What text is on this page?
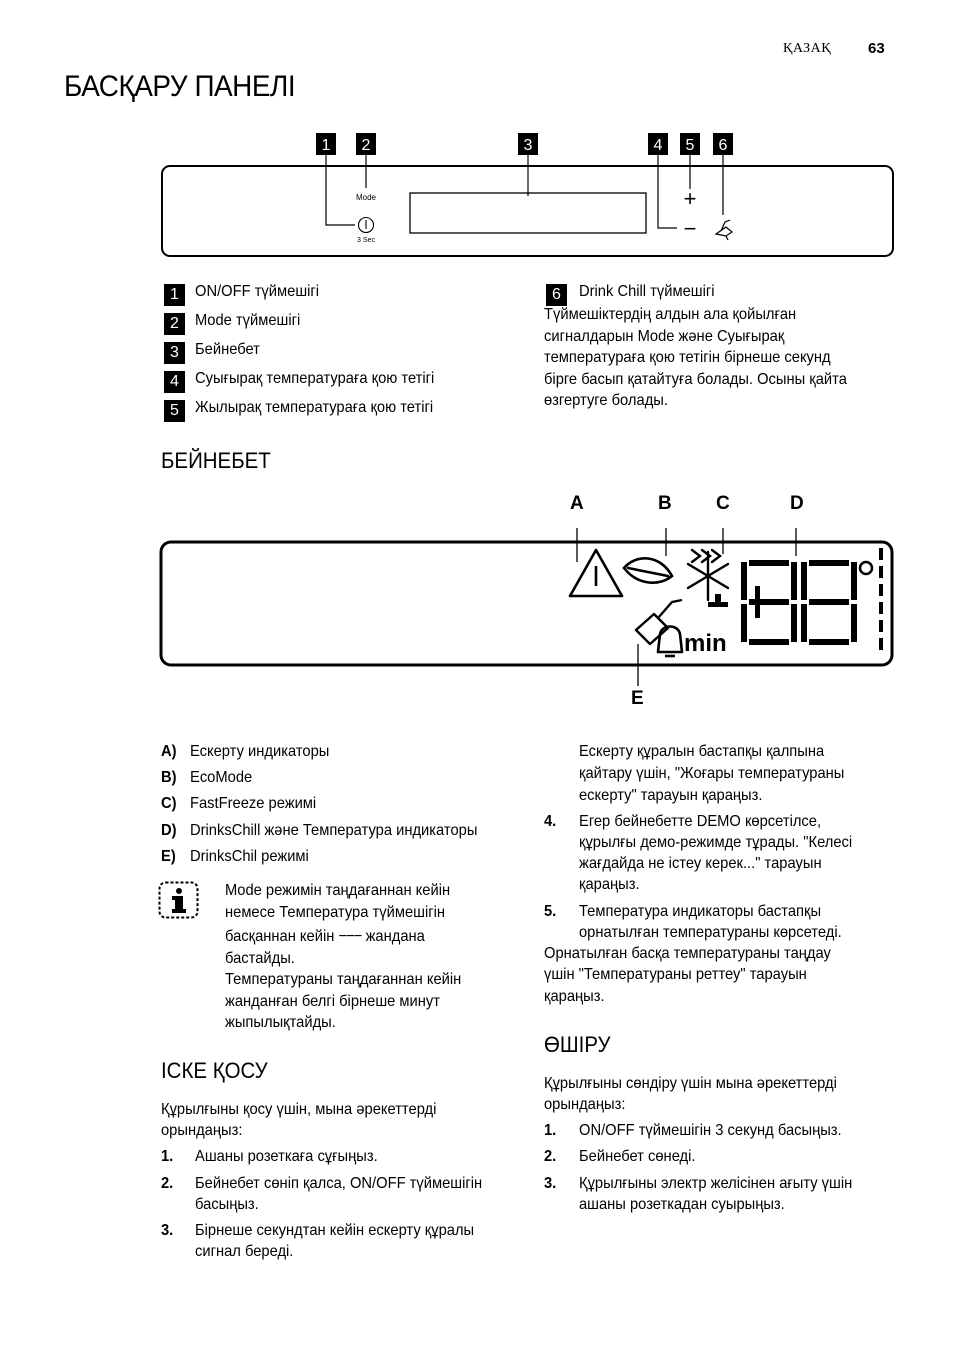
ҚАЗАҚ 63
БАСҚАРУ ПАНЕЛІ
1 2	3	4 5 6
Mode
3 Sec
+
−
1	ON/OFF түймешігі
2	Mode түймешігі
3	Бейнебет
4	Суығырақ температураға қою тетігі
5	Жылырақ температураға қою тетігі
6	Drink Chill түймешігі
Түймешіктердің алдын ала қойылған
сигналдарын Mode және Суығырақ
температураға қою тетігін бірнеше секунд
бірге басып қатайтуға болады. Осыны қайта
өзгертуге болады.
БЕЙНЕБЕТ
A	B C	D
E
min
A) Ескерту индикаторы
B) EcoMode
C) FastFreeze режимі
D) DrinksChill және Температура индикаторы
E) DrinksChil режимі
Mode режимін таңдағаннан кейін
немесе Температура түймешігін
басқаннан кейін −−− жандана
бастайды.
Температураны таңдағаннан кейін
жанданған белгі бірнеше минут
жыпылықтайды.
ІСКЕ ҚОСУ
Құрылғыны қосу үшін, мына әрекеттерді
орындаңыз:
1. Ашаны розеткаға сұғыңыз.
2. Бейнебет сөніп қалса, ON/OFF түймешігін
басыңыз.
3. Бірнеше секундтан кейін ескерту құралы
сигнал береді.
Ескерту құралын бастапқы қалпына
қайтару үшін, "Жоғары температураны
ескерту" тарауын қараңыз.
4. Егер бейнебетте DEMO көрсетілсе,
құрылғы демо-режимде тұрады. "Келесі
жағдайда не істеу керек..." тарауын
қараңыз.
5. Температура индикаторы бастапқы
орнатылған температураны көрсетеді.
Орнатылған басқа температураны таңдау
үшін "Температураны реттеу" тарауын
қараңыз.
ӨШІРУ
Құрылғыны сөндіру үшін мына әрекеттерді
орындаңыз:
1. ON/OFF түймешігін 3 секунд басыңыз.
2. Бейнебет сөнеді.
3. Құрылғыны электр желісінен ағыту үшін
ашаны розеткадан суырыңыз.
